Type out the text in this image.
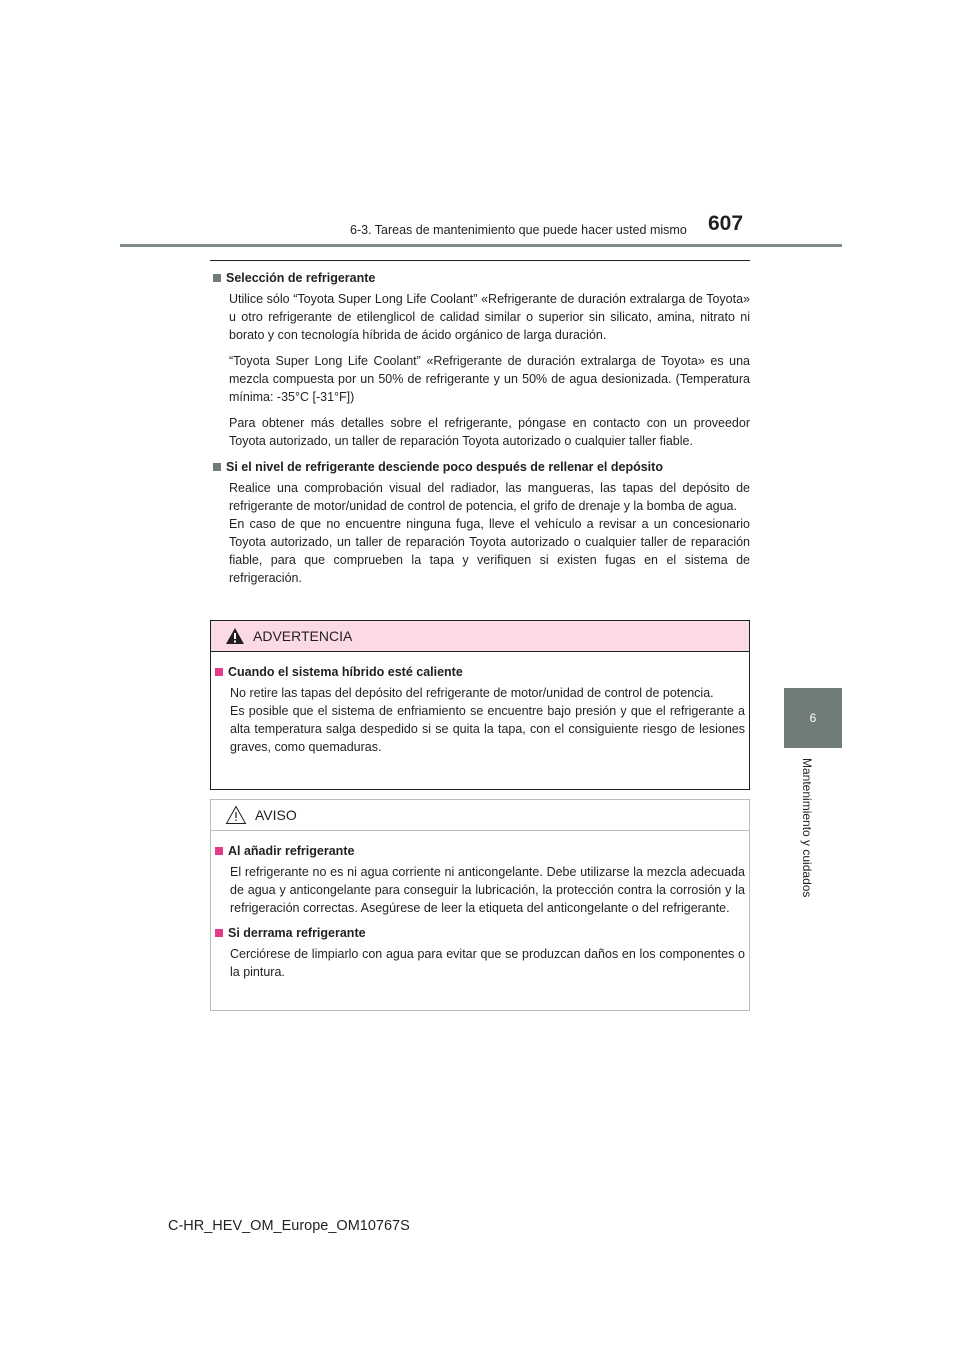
6-3. Tareas de mantenimiento que puede hacer usted mismo	607
6
Mantenimiento y cuidados
Selección de refrigerante
Utilice sólo “Toyota Super Long Life Coolant” «Refrigerante de duración extralarga de Toyota» u otro refrigerante de etilenglicol de calidad similar o superior sin silicato, amina, nitrato ni borato y con tecnología híbrida de ácido orgánico de larga duración.
“Toyota Super Long Life Coolant” «Refrigerante de duración extralarga de Toyota» es una mezcla compuesta por un 50% de refrigerante y un 50% de agua desionizada. (Temperatura mínima: -35°C [-31°F])
Para obtener más detalles sobre el refrigerante, póngase en contacto con un proveedor Toyota autorizado, un taller de reparación Toyota autorizado o cualquier taller fiable.
Si el nivel de refrigerante desciende poco después de rellenar el depósito
Realice una comprobación visual del radiador, las mangueras, las tapas del depósito de refrigerante de motor/unidad de control de potencia, el grifo de drenaje y la bomba de agua.
En caso de que no encuentre ninguna fuga, lleve el vehículo a revisar a un concesionario Toyota autorizado, un taller de reparación Toyota autorizado o cualquier taller de reparación fiable, para que comprueben la tapa y verifiquen si existen fugas en el sistema de refrigeración.
ADVERTENCIA
Cuando el sistema híbrido esté caliente
No retire las tapas del depósito del refrigerante de motor/unidad de control de potencia.
Es posible que el sistema de enfriamiento se encuentre bajo presión y que el refrigerante a alta temperatura salga despedido si se quita la tapa, con el consiguiente riesgo de lesiones graves, como quemaduras.
AVISO
Al añadir refrigerante
El refrigerante no es ni agua corriente ni anticongelante. Debe utilizarse la mezcla adecuada de agua y anticongelante para conseguir la lubricación, la protección contra la corrosión y la refrigeración correctas. Asegúrese de leer la etiqueta del anticongelante o del refrigerante.
Si derrama refrigerante
Cerciórese de limpiarlo con agua para evitar que se produzcan daños en los componentes o la pintura.
C-HR_HEV_OM_Europe_OM10767S
